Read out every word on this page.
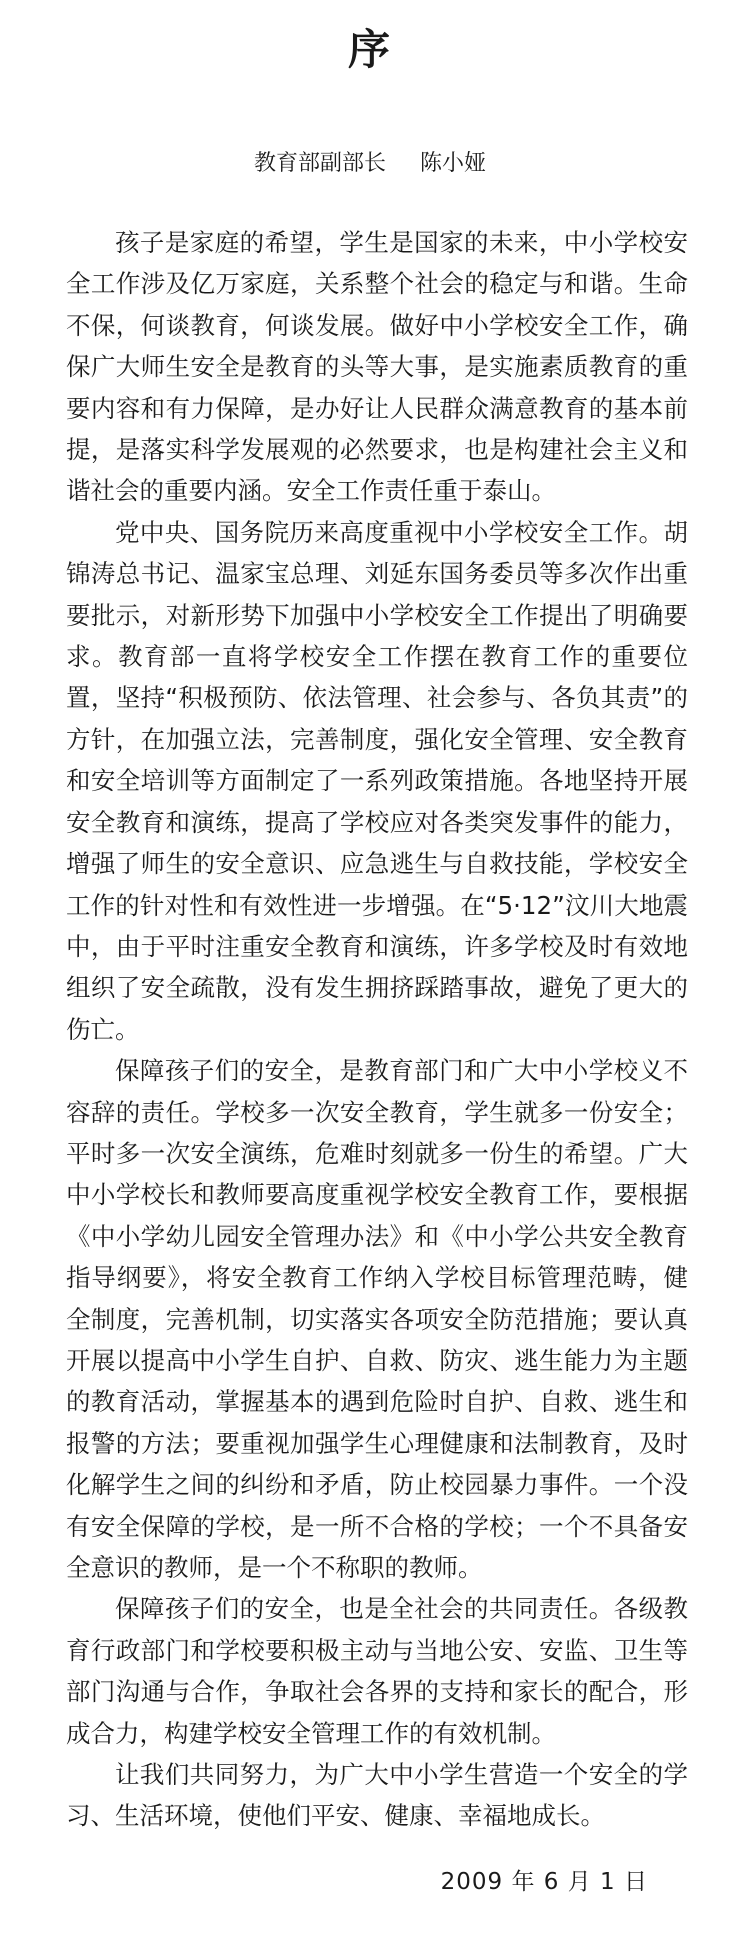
序
教育部副部长 陈小娅

孩子是家庭的希望，学生是国家的未来，中小学校安全工作涉及亿万家庭，关系整个社会的稳定与和谐。生命不保，何谈教育，何谈发展。做好中小学校安全工作，确保广大师生安全是教育的头等大事，是实施素质教育的重要内容和有力保障，是办好让人民群众满意教育的基本前提，是落实科学发展观的必然要求，也是构建社会主义和谐社会的重要内涵。安全工作责任重于泰山。

党中央、国务院历来高度重视中小学校安全工作。胡锦涛总书记、温家宝总理、刘延东国务委员等多次作出重要批示，对新形势下加强中小学校安全工作提出了明确要求。教育部一直将学校安全工作摆在教育工作的重要位置，坚持“积极预防、依法管理、社会参与、各负其责”的方针，在加强立法，完善制度，强化安全管理、安全教育和安全培训等方面制定了一系列政策措施。各地坚持开展安全教育和演练，提高了学校应对各类突发事件的能力，增强了师生的安全意识、应急逃生与自救技能，学校安全工作的针对性和有效性进一步增强。在“5·12”汶川大地震中，由于平时注重安全教育和演练，许多学校及时有效地组织了安全疏散，没有发生拥挤踩踏事故，避免了更大的伤亡。

保障孩子们的安全，是教育部门和广大中小学校义不容辞的责任。学校多一次安全教育，学生就多一份安全；平时多一次安全演练，危难时刻就多一份生的希望。广大中小学校长和教师要高度重视学校安全教育工作，要根据《中小学幼儿园安全管理办法》和《中小学公共安全教育指导纲要》，将安全教育工作纳入学校目标管理范畴，健全制度，完善机制，切实落实各项安全防范措施；要认真开展以提高中小学生自护、自救、防灾、逃生能力为主题的教育活动，掌握基本的遇到危险时自护、自救、逃生和报警的方法；要重视加强学生心理健康和法制教育，及时化解学生之间的纠纷和矛盾，防止校园暴力事件。一个没有安全保障的学校，是一所不合格的学校；一个不具备安全意识的教师，是一个不称职的教师。

保障孩子们的安全，也是全社会的共同责任。各级教育行政部门和学校要积极主动与当地公安、安监、卫生等部门沟通与合作，争取社会各界的支持和家长的配合，形成合力，构建学校安全管理工作的有效机制。

让我们共同努力，为广大中小学生营造一个安全的学习、生活环境，使他们平安、健康、幸福地成长。

2009 年 6 月 1 日
